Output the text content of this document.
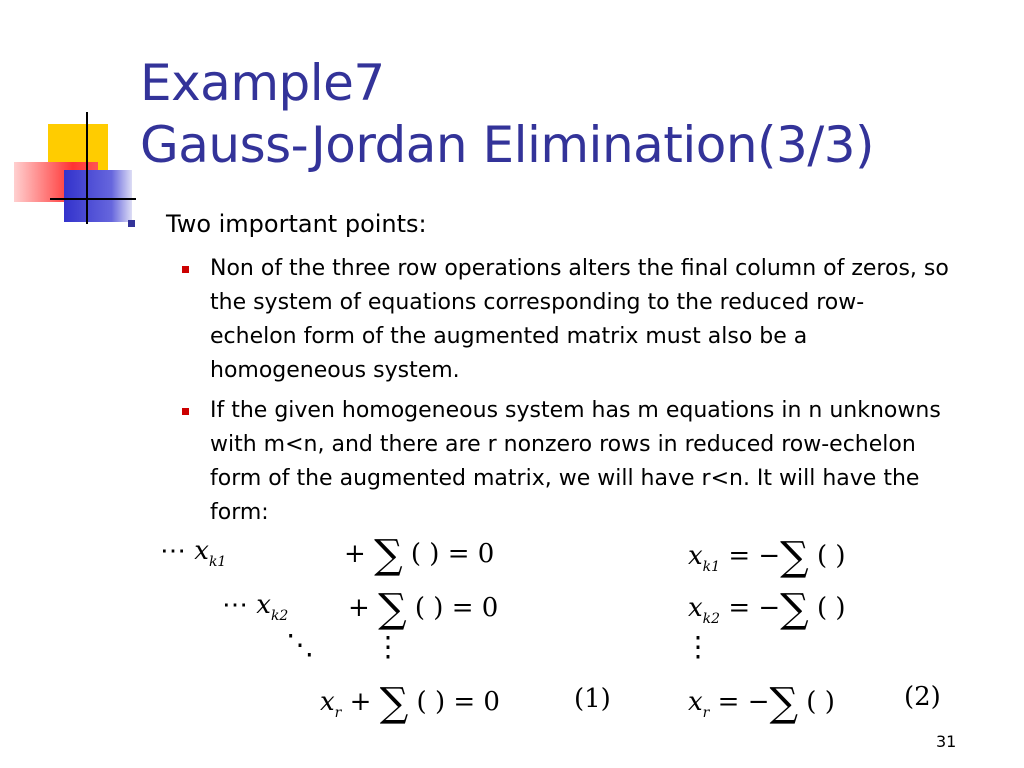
Example7
Gauss-Jordan Elimination(3/3)
Two important points:
Non of the three row operations alters the final column of zeros, so the system of equations corresponding to the reduced row-echelon form of the augmented matrix must also be a homogeneous system.
If the given homogeneous system has m equations in n unknowns with m<n, and there are r nonzero rows in reduced row-echelon form of the augmented matrix, we will have r<n. It will have the form:
⋯ $x_{k1}$	+ ∑ ( ) = 0
⋯ $x_{k2}$ + ∑ ( ) = 0
⋱ ⋮
$x_r$ + ∑ ( ) = 0	(1)
$x_{k1}$ = −∑ ( )
$x_{k2}$ = −∑ ( )
⋮
$x_r$ = −∑ ( )	(2)
31
